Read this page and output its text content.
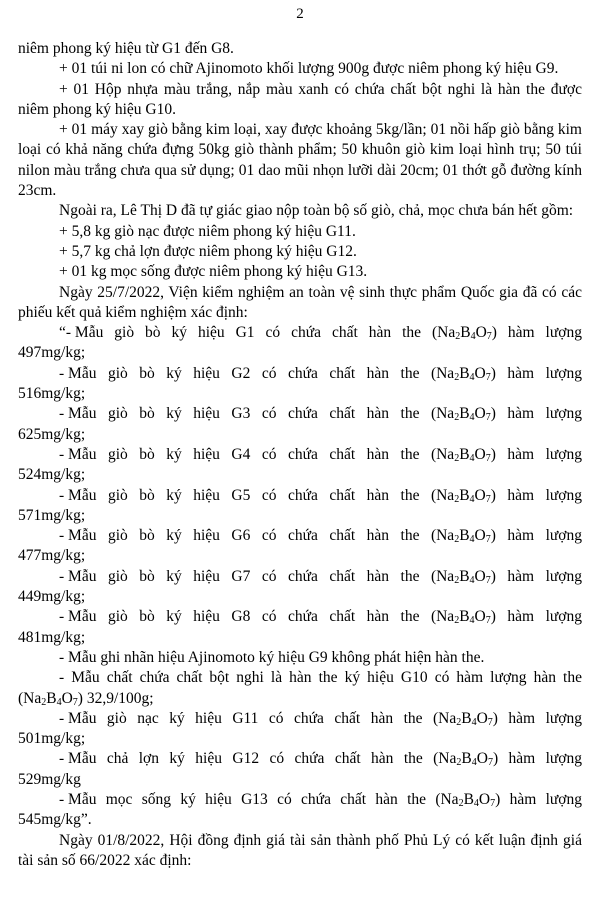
2

niêm phong ký hiệu từ G1 đến G8.

+ 01 túi ni lon có chữ Ajinomoto khối lượng 900g được niêm phong ký hiệu G9.

+ 01 Hộp nhựa màu trắng, nắp màu xanh có chứa chất bột nghi là hàn the được niêm phong ký hiệu G10.

+ 01 máy xay giò bằng kim loại, xay được khoảng 5kg/lần; 01 nồi hấp giò bằng kim loại có khả năng chứa đựng 50kg giò thành phẩm; 50 khuôn giò kim loại hình trụ; 50 túi nilon màu trắng chưa qua sử dụng; 01 dao mũi nhọn lưỡi dài 20cm; 01 thớt gỗ đường kính 23cm.

Ngoài ra, Lê Thị D đã tự giác giao nộp toàn bộ số giò, chả, mọc chưa bán hết gồm:

+ 5,8 kg giò nạc được niêm phong ký hiệu G11.

+ 5,7 kg chả lợn được niêm phong ký hiệu G12.

+ 01 kg mọc sống được niêm phong ký hiệu G13.

Ngày 25/7/2022, Viện kiểm nghiệm an toàn vệ sinh thực phẩm Quốc gia đã có các phiếu kết quả kiểm nghiệm xác định:

“- Mẫu giò bò ký hiệu G1 có chứa chất hàn the $(Na_2B_4O_7)$ hàm lượng
497mg/kg;
- Mẫu giò bò ký hiệu G2 có chứa chất hàn the $(Na_2B_4O_7)$ hàm lượng
516mg/kg;
- Mẫu giò bò ký hiệu G3 có chứa chất hàn the $(Na_2B_4O_7)$ hàm lượng
625mg/kg;
- Mẫu giò bò ký hiệu G4 có chứa chất hàn the $(Na_2B_4O_7)$ hàm lượng
524mg/kg;
- Mẫu giò bò ký hiệu G5 có chứa chất hàn the $(Na_2B_4O_7)$ hàm lượng
571mg/kg;
- Mẫu giò bò ký hiệu G6 có chứa chất hàn the $(Na_2B_4O_7)$ hàm lượng
477mg/kg;
- Mẫu giò bò ký hiệu G7 có chứa chất hàn the $(Na_2B_4O_7)$ hàm lượng
449mg/kg;
- Mẫu giò bò ký hiệu G8 có chứa chất hàn the $(Na_2B_4O_7)$ hàm lượng
481mg/kg;

- Mẫu ghi nhãn hiệu Ajinomoto ký hiệu G9 không phát hiện hàn the.

- Mẫu chất chứa chất bột nghi là hàn the ký hiệu G10 có hàm lượng hàn the $(Na_2B_4O_7)$ 32,9/100g;

- Mẫu giò nạc ký hiệu G11 có chứa chất hàn the $(Na_2B_4O_7)$ hàm lượng
501mg/kg;
- Mẫu chả lợn ký hiệu G12 có chứa chất hàn the $(Na_2B_4O_7)$ hàm lượng
529mg/kg
- Mẫu mọc sống ký hiệu G13 có chứa chất hàn the $(Na_2B_4O_7)$ hàm lượng
545mg/kg”.

Ngày 01/8/2022, Hội đồng định giá tài sản thành phố Phủ Lý có kết luận định giá tài sản số 66/2022 xác định:
